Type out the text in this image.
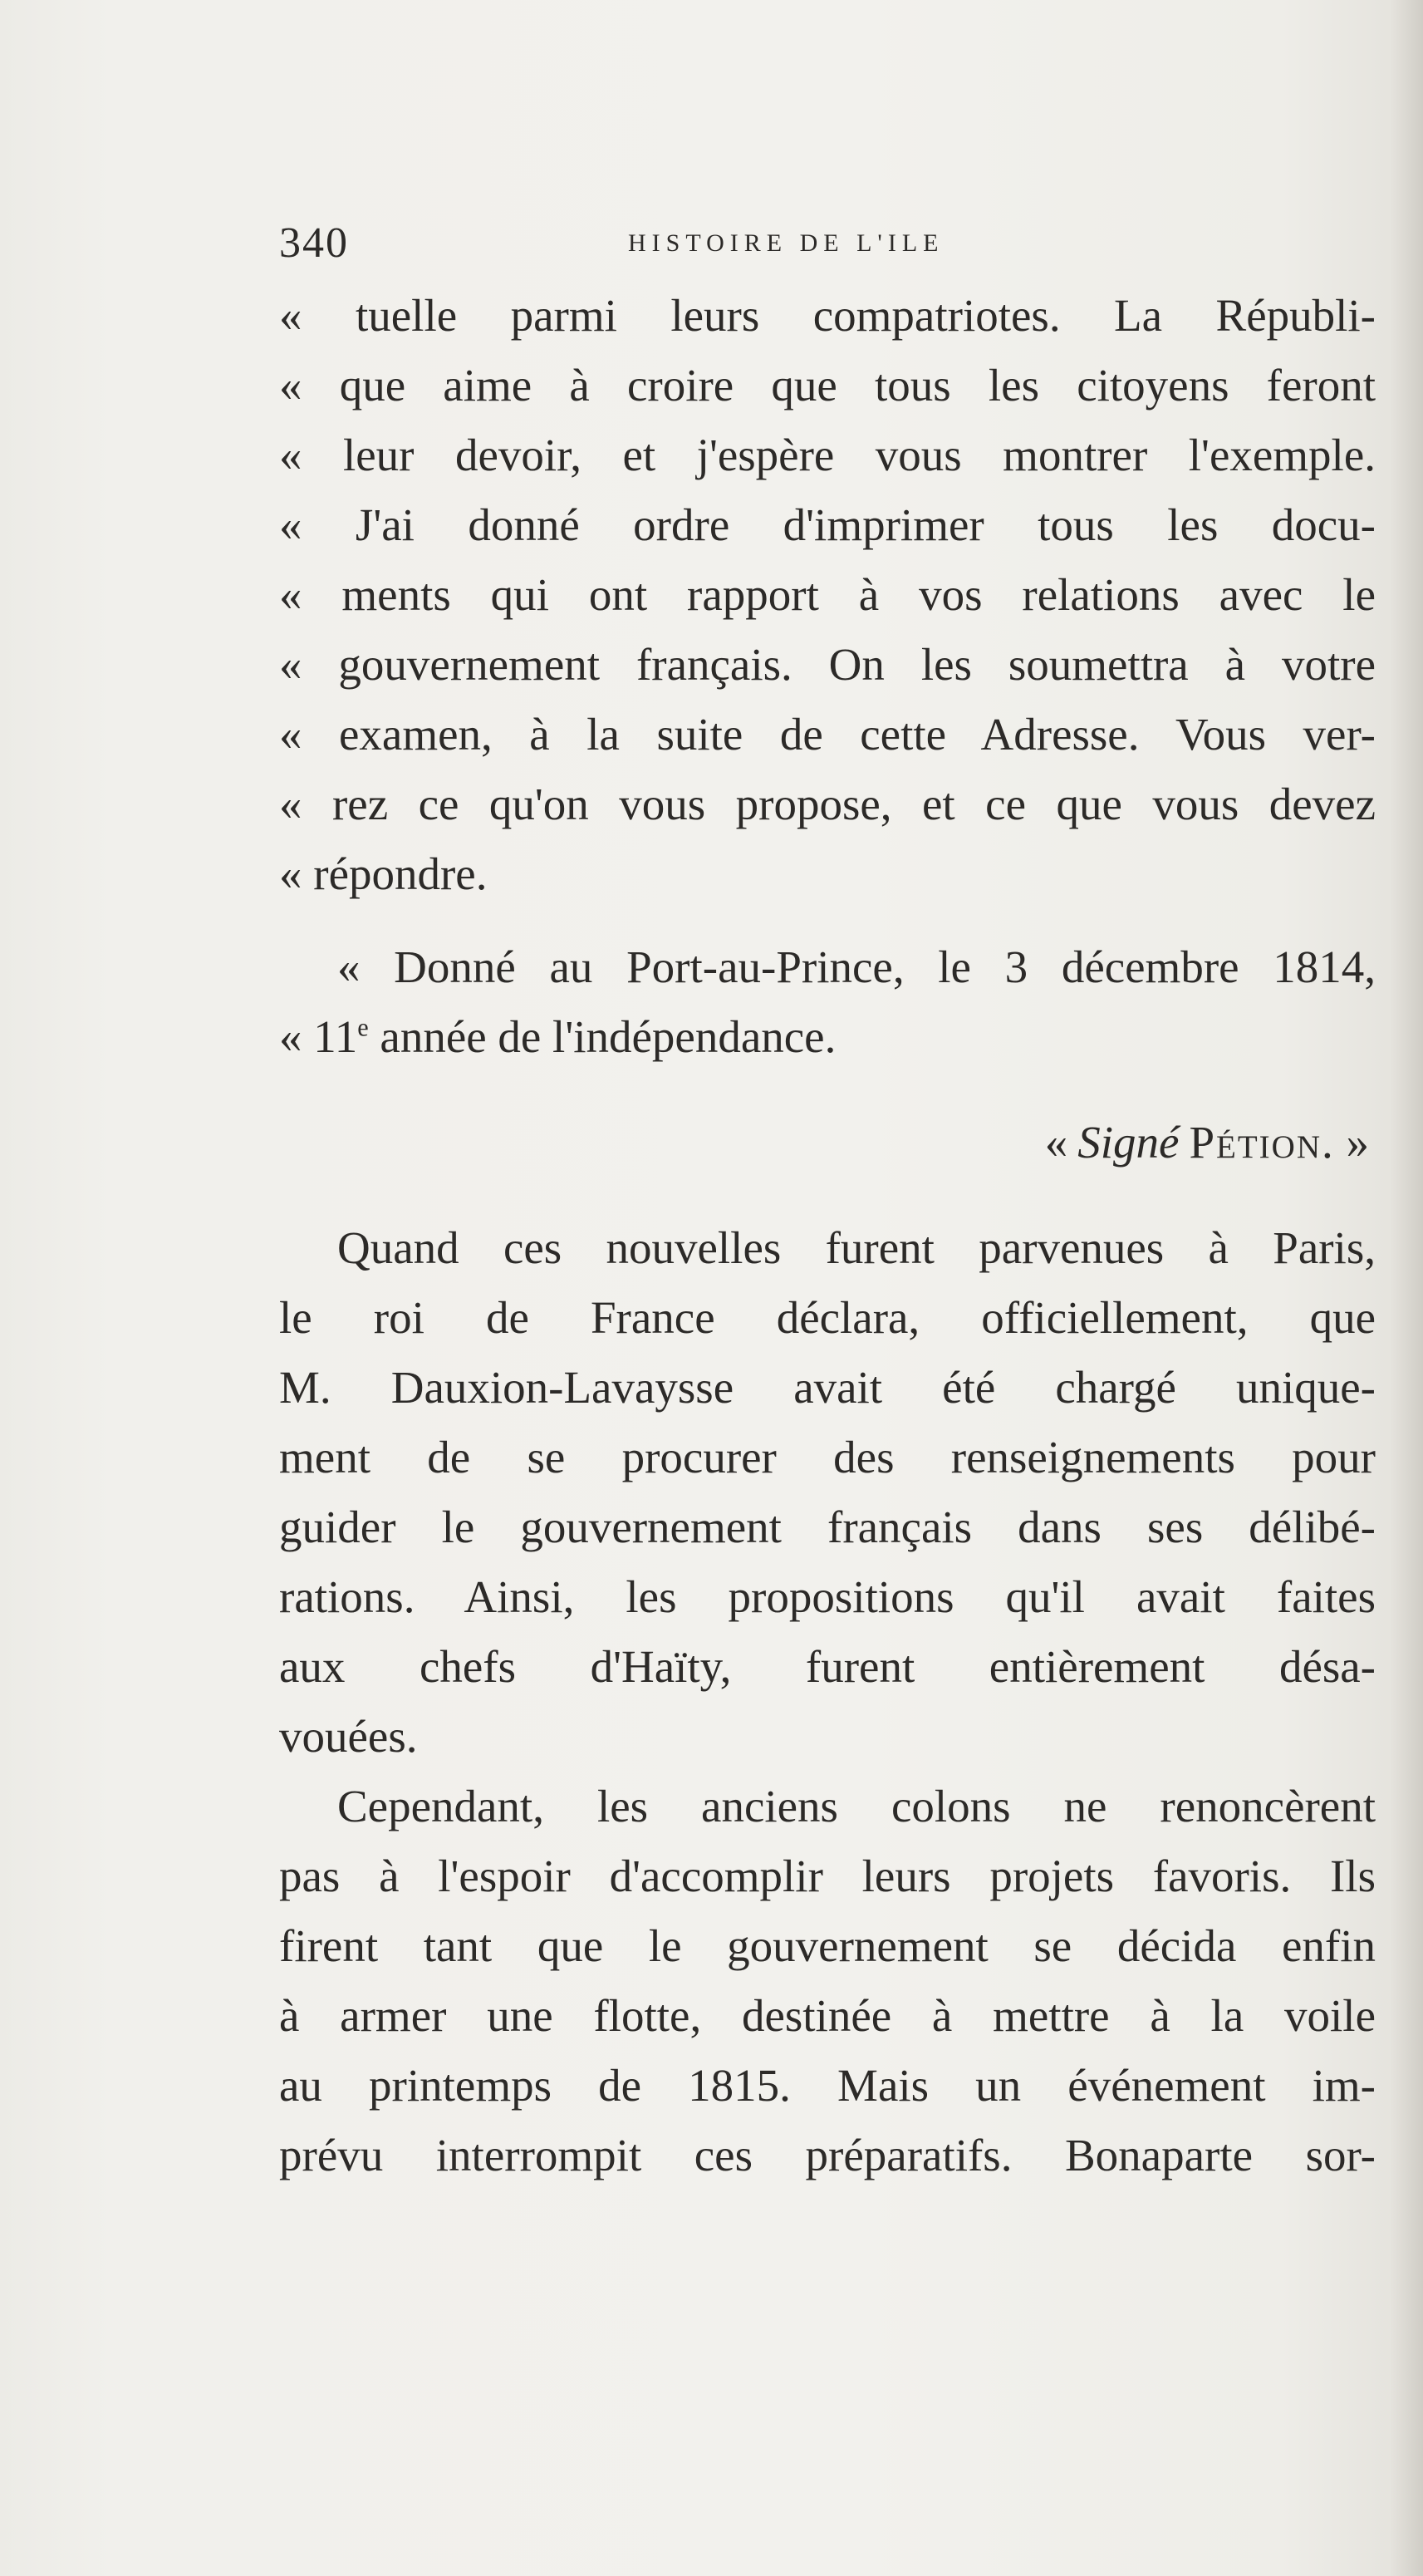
340	HISTOIRE DE L'ILE
« tuelle parmi leurs compatriotes. La Républi-
« que aime à croire que tous les citoyens feront
« leur devoir, et j'espère vous montrer l'exemple.
« J'ai donné ordre d'imprimer tous les docu-
« ments qui ont rapport à vos relations avec le
« gouvernement français. On les soumettra à votre
« examen, à la suite de cette Adresse. Vous ver-
« rez ce qu'on vous propose, et ce que vous devez
« répondre.
« Donné au Port-au-Prince, le 3 décembre 1814,
« 11e année de l'indépendance.
« Signé Pétion. »
Quand ces nouvelles furent parvenues à Paris,
le roi de France déclara, officiellement, que
M. Dauxion-Lavaysse avait été chargé unique-
ment de se procurer des renseignements pour
guider le gouvernement français dans ses délibé-
rations. Ainsi, les propositions qu'il avait faites
aux chefs d'Haïty, furent entièrement désa-
vouées.
Cependant, les anciens colons ne renoncèrent
pas à l'espoir d'accomplir leurs projets favoris. Ils
firent tant que le gouvernement se décida enfin
à armer une flotte, destinée à mettre à la voile
au printemps de 1815. Mais un événement im-
prévu interrompit ces préparatifs. Bonaparte sor-
